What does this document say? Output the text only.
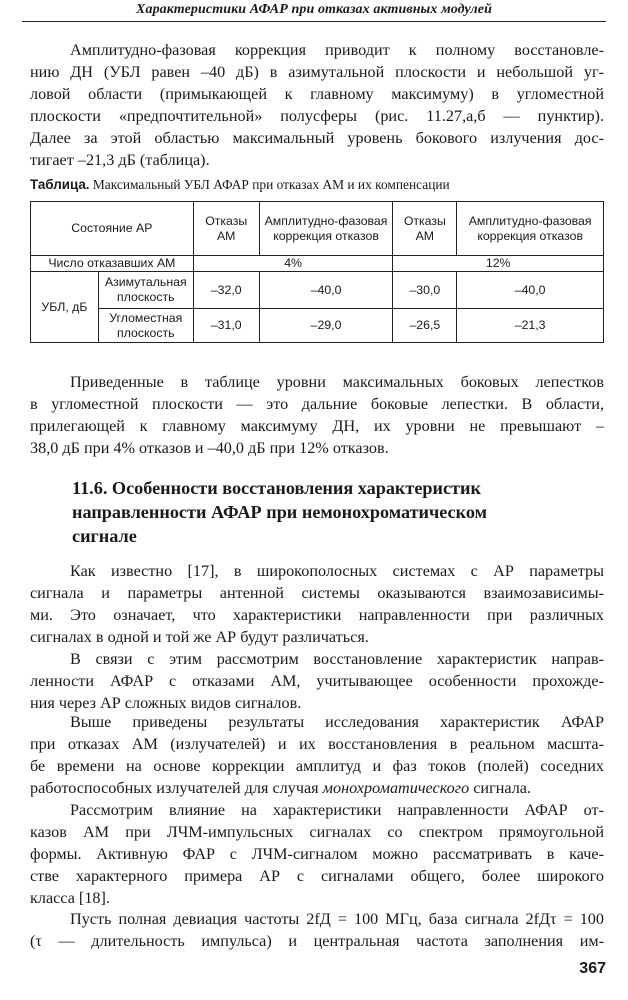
Характеристики АФАР при отказах активных модулей
Амплитудно-фазовая коррекция приводит к полному восстановле-
нию ДН (УБЛ равен –40 дБ) в азимутальной плоскости и небольшой уг-
ловой области (примыкающей к главному максимуму) в угломестной
плоскости «предпочтительной» полусферы (рис. 11.27,а,б — пунктир).
Далее за этой областью максимальный уровень бокового излучения дос-
тигает –21,3 дБ (таблица).
Таблица. Максимальный УБЛ АФАР при отказах АМ и их компенсации
Состояние АР		Отказы АМ	Амплитудно-фазовая коррекция отказов	Отказы АМ	Амплитудно-фазовая коррекция отказов
Число отказавших АМ		4%		12%	
УБЛ, дБ	Азимутальная плоскость	–32,0	–40,0	–30,0	–40,0
	Угломестная плоскость	–31,0	–29,0	–26,5	–21,3
Приведенные в таблице уровни максимальных боковых лепестков
в угломестной плоскости — это дальние боковые лепестки. В области,
прилегающей к главному максимуму ДН, их уровни не превышают –
38,0 дБ при 4% отказов и –40,0 дБ при 12% отказов.
11.6. Особенности восстановления характеристик
направленности АФАР при немонохроматическом
сигнале
Как известно [17], в широкополосных системах с АР параметры
сигнала и параметры антенной системы оказываются взаимозависимы-
ми. Это означает, что характеристики направленности при различных
сигналах в одной и той же АР будут различаться.
В связи с этим рассмотрим восстановление характеристик направ-
ленности АФАР с отказами АМ, учитывающее особенности прохожде-
ния через АР сложных видов сигналов.
Выше приведены результаты исследования характеристик АФАР
при отказах АМ (излучателей) и их восстановления в реальном масшта-
бе времени на основе коррекции амплитуд и фаз токов (полей) соседних
работоспособных излучателей для случая монохроматического сигнала.
Рассмотрим влияние на характеристики направленности АФАР от-
казов АМ при ЛЧМ-импульсных сигналах со спектром прямоугольной
формы. Активную ФАР с ЛЧМ-сигналом можно рассматривать в каче-
стве характерного примера АР с сигналами общего, более широкого
класса [18].
Пусть полная девиация частоты 2fД = 100 МГц, база сигнала 2fДτ = 100
(τ — длительность импульса) и центральная частота заполнения им-
367
